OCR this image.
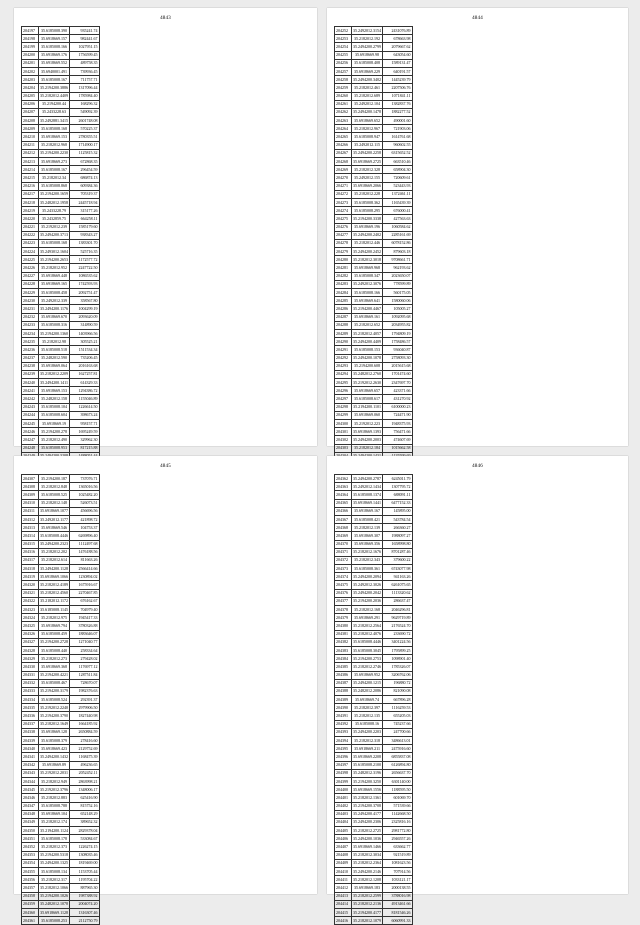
4843
204197	35.6185008.390	935241.74
204198	35.6918669.157	982441.67
204199	35.6185008.166	1027951.15
204200	35.6918669.176	1756599.45
204201	35.6918669.552	489758.35
204202	35.6940001.491	739936.45
204203	35.6185008.167	711757.71
204204	35.2194200.3886	1317096.44
204205	35.2182012.4409	1785984.40
204206	35.2194200.44	168296.32
204207	35.2433228.63	549092.39
204208	35.2492881.3415	2601748.08
204209	35.6185008.168	570225.37
204210	35.6918669.153	2780355.51
204211	35.2182012.968	1714900.17
204212	35.2194200.2230	1125815.32
204213	35.6918669.273	672868.35
204214	35.6185008.167	296454.59
204215	35.2182012.34	686874.13
204216	35.6185008.868	609384.36
204217	35.2194200.1659	705319.37
204218	35.2482012.1958	2445718.94
204219	35.2433228.79	315177.26
204220	35.2432859.75	664258.11
204221	35.2192012.239	1585179.60
204222	35.2494200.3713	938343.27
204223	35.6185008.168	1383301.70
204224	35.2493012.1604	525716.35
204225	35.2194200.2653	1172577.72
204226	35.2182012.952	2247722.50
204227	35.6918669.448	1086535.62
204228	35.6918669.165	1742593.93
204229	35.6185008.458	2092751.47
204230	35.2492012.339	358567.80
204231	35.2494200.1176	1004299.19
204232	35.6918669.670	2093620.09
204233	35.6185008.316	314890.59
204234	35.2194200.1360	1403966.56
204235	35.2182012.98	305525.21
204236	35.6185008.518	1511534.34
204237	35.2482012.590	735206.45
204238	35.6918669.064	2016163.68
204239	35.2182012.2209	1627257.81
204240	35.2494200.1411	614329.33
204241	35.6918669.153	1294386.72
204242	35.2482012.158	1155046.89
204243	35.6185008.104	1226614.50
204244	35.6185008.604	398673.24
204245	35.6918669.19	958157.71
204246	35.2194200.278	1695249.59
204247	35.2182012.490	329962.30
204248	35.6185008.953	817215.88

4844
204252	35.2492012.3154	2431076.89
204253	35.2182012.192	678663.98
204254	35.2494200.2799	2079667.62
204255	35.6918669.98	643054.60
204256	35.6185008.408	1589131.47
204257	35.6918669.229	640191.57
204258	35.2494200.3402	1445239.79
204259	35.2182012.461	2207506.76
204260	35.2182012.689	1071841.11
204261	35.2492012.104	1382837.76
204262	35.2494200.1478	1882277.52
204263	35.6918669.652	490001.60
204264	35.2182012.967	721903.06
204265	35.6185008.947	1614761.68
204266	35.2492012.115	960602.55
204267	35.2494200.2258	6315652.52
204268	35.6918669.2725	663510.46
204269	35.2182012.328	658904.30
204270	35.2492012.155	720609.61
204271	35.6918669.2066	523443.93
204272	35.2182012.228	1372461.11
204273	35.6185008.362	1165439.39
204274	35.6185008.295	676000.41
204275	35.2194200.3338	427563.63
204276	35.6918669.196	1060584.62
204277	35.2494200.2402	2285161.69
204278	35.2182012.446	6078152.86
204279	35.2494200.2452	879603.18
204280	35.2182012.3018	9708661.71
204281	35.6918669.968	962193.62
204282	35.6185008.347	2023650.07
204283	35.2492012.3076	778599.89
204284	35.6185008.166	560175.05
204285	35.6918669.641	1580060.06
204286	35.2194200.4467	105005.27
204287	35.6918669.161	1092095.68
204288	35.2182012.652	2034955.82
204289	35.2182012.4057	1794809.19
204290	35.2494200.4409	1758486.57
204291	35.6185008.153	936040.87
204292	35.2494200.1078	2758093.30
204293	35.2194200.608	2015615.68
204294	35.2482012.2760	1701474.60
204295	35.2192012.2630	2347697.70
204296	35.6918669.657	423371.66
204297	35.6185008.617	431270.92
204298	35.2194200.1101	6100000.23
204299	35.6918669.060	724471.90
204300	35.2192012.223	1948375.93
204301	35.6918669.1393	756471.66
204302	35.2494200.2003	474607.69
204303	35.2182012.184	1015662.58

4845
204307	35.2194200.187	737076.71
204308	35.2182012.848	1365016.56
204309	35.6185008.525	1025482.20
204310	35.2182012.148	526073.51
204311	35.6918669.1077	456696.56
204312	35.2492012.1177	421898.72
204313	35.6918669.546	104753.37
204314	35.6185008.4446	6269896.40
204315	35.2494200.2323	1112497.68
204316	35.2182012.202	1476188.56
204317	35.2182012.614	811663.26
204318	35.2494200.1128	2566414.66
204319	35.6918669.1066	1230894.02
204320	35.2182012.4189	1675916.67
204321	35.2182012.4560	2270467.85
204322	35.2182012.1172	676162.67
204323	35.6185008.1145	704979.40
204324	35.2182012.975	1945417.33
204325	35.6918669.794	3780326.88
204326	35.6185008.459	1883646.07
204327	35.2194200.2728	1271040.77
204328	35.6185008.440	258334.64
204329	35.2182012.273	279428.02
204330	35.6918669.368	1176977.12
204331	35.2194200.4221	1287511.84
204332	35.6185008.467	728670.07
204333	35.2194200.3179	1982376.63
204334	35.6185008.524	292391.37
204335	35.2192012.2240	2979906.50
204336	35.2194200.3790	1827440.98
204337	35.2182012.1649	1664185.92
204338	35.6918669.128	2650884.59
204339	35.6185008.379	278416.60
204340	35.6918669.423	2129752.69
204341	35.2494200.1432	1168475.39
204342	35.6918669.89	496236.65
204343	35.2192012.2031	2052452.11
204344	35.2182012.949	2863998.21
204345	35.2192012.3796	1348006.17
204346	35.2182012.883	625416.90
204347	35.6185008.788	815752.16
204348	35.6918669.104	652148.29
204349	35.2182012.174	389652.32
204350	35.2194200.1124	2829378.04
204351	35.6185008.178	533084.67
204352	35.2182012.373	1226274.15
204353	35.2194200.5318	1308035.46
204354	35.2494200.1325	1819469.00
204355	35.6185008.134	1153705.44
204356	35.2182012.317	1195704.22
204357	35.2182012.1066	887965.30
204358	35.2194200.1026	1987388.92
204359	35.2482012.1078	2004074.20
204360	35.6918669.1128	1316307.46
204361	35.6185008.253	2112750.79
4846
204362	35.2494200.2787	6245011.79
204363	35.2492012.1434	1307795.72
204364	35.6185008.1374	688091.11
204365	35.6918669.1441	6477152.33
204366	35.6918669.167	145895.00
204367	35.6185008.421	543784.54
204368	35.2182012.139	266360.27
204369	35.6918669.307	1988097.27
204370	35.6918669.356	1658998.80
204371	35.2182012.1676	8701287.46
204372	35.2182012.343	379600.22
204373	35.6185008.361	6743077.98
204374	35.2494200.2094	941163.26
204375	35.2492012.3026	6261075.65
204376	35.2494200.2042	1113320.62
204377	35.2194200.2036	286637.47
204378	35.2182012.168	2046296.81
204379	35.6918669.291	9629719.89
204380	35.2182012.2564	2176524.70
204381	35.2182012.4076	233690.72
204382	35.6185008.4446	3401224.56
204383	35.6185008.3045	1795899.25
204384	35.2194200.2753	1098901.40
204385	35.2182012.2746	1785326.07
204386	35.6918669.952	3206762.06
204387	35.2494200.1215	196880.72
204388	35.2482012.2086	821090.08
204389	35.6918669.74	667896.28
204390	35.2182012.397	1116259.53
204391	35.2182012.135	655205.03
204392	35.6185008.16	745237.66
204393	35.2494200.2203	247700.66
204394	35.2182012.318	3486613.01
204395	35.6918669.211	2475916.60
204396	35.6918669.2208	6855837.08
204397	35.6185008.2100	6126894.80
204398	35.2482012.3196	2656637.70
204399	35.2194200.3250	6301140.00
204400	35.6918669.1556	1188595.50
204401	35.2182012.1361	601069.70
204402	35.2194200.3708	571539.66
204403	35.2494200.4177	1142668.50
204404	35.2494200.2306	2325816.16
204405	35.2182012.2725	2981772.80
204406	35.2494200.1036	2946557.26
204407	35.6918669.1466	633662.77
204408	35.2182012.3034	921519.89
204409	35.2182012.2364	1081623.56
204410	35.2494200.2146	707914.56
204411	35.2182012.1208	1033121.17
204412	35.6918669.183	2000138.55
204413	35.2182012.2599	3788016.98
204414	35.2182012.2136	4913461.66
204415	35.2194200.4177	8181546.26
204416	35.2182012.1079	6060991.33
